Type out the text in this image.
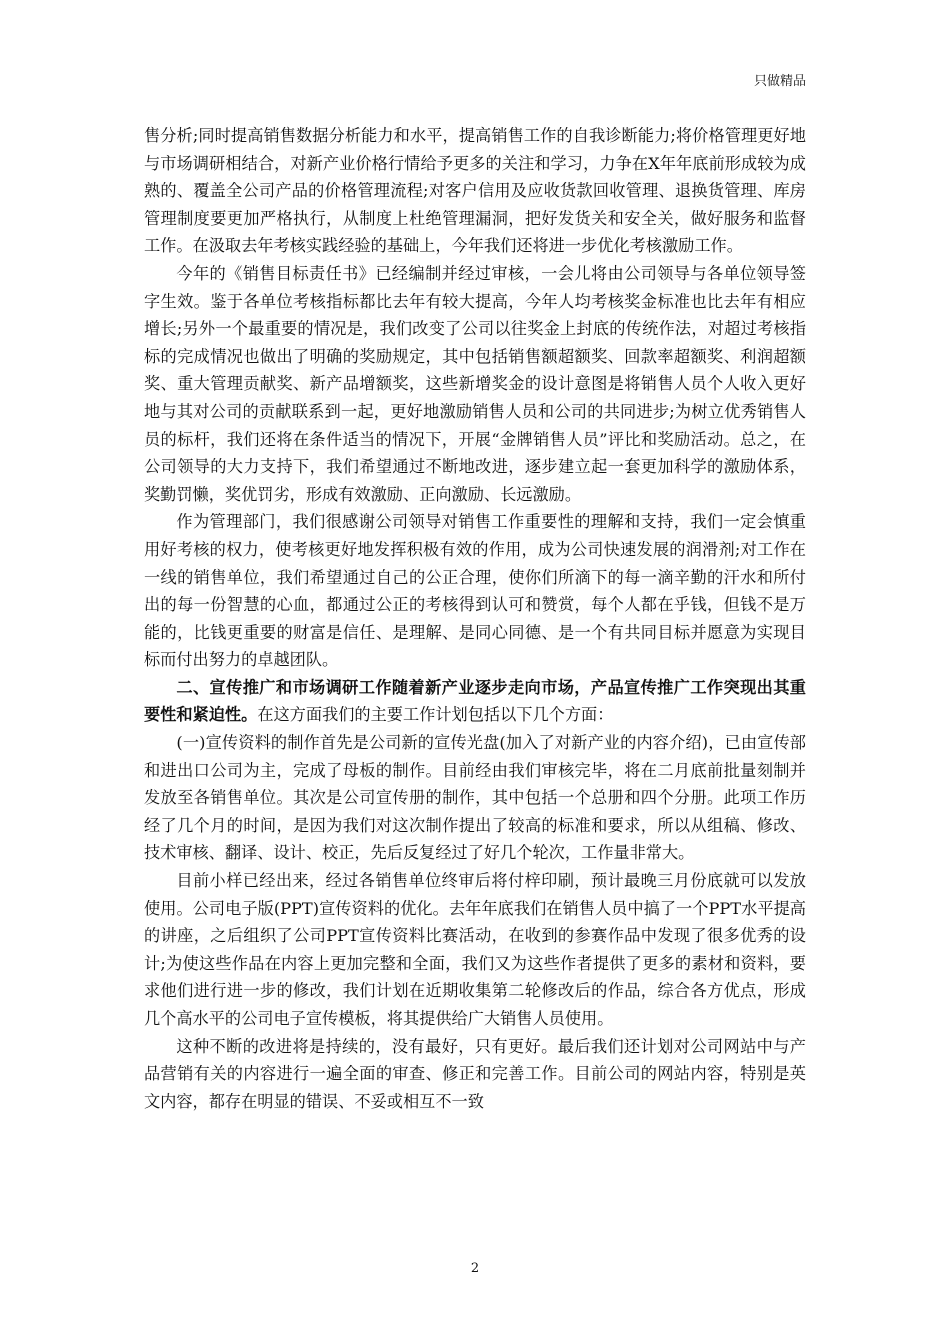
只做精品

售分析;同时提高销售数据分析能力和水平，提高销售工作的自我诊断能力;将价格管理更好地与市场调研相结合，对新产业价格行情给予更多的关注和学习，力争在X年年底前形成较为成熟的、覆盖全公司产品的价格管理流程;对客户信用及应收货款回收管理、退换货管理、库房管理制度要更加严格执行，从制度上杜绝管理漏洞，把好发货关和安全关，做好服务和监督工作。在汲取去年考核实践经验的基础上，今年我们还将进一步优化考核激励工作。

今年的《销售目标责任书》已经编制并经过审核，一会儿将由公司领导与各单位领导签字生效。鉴于各单位考核指标都比去年有较大提高，今年人均考核奖金标准也比去年有相应增长;另外一个最重要的情况是，我们改变了公司以往奖金上封底的传统作法，对超过考核指标的完成情况也做出了明确的奖励规定，其中包括销售额超额奖、回款率超额奖、利润超额奖、重大管理贡献奖、新产品增额奖，这些新增奖金的设计意图是将销售人员个人收入更好地与其对公司的贡献联系到一起，更好地激励销售人员和公司的共同进步;为树立优秀销售人员的标杆，我们还将在条件适当的情况下，开展“金牌销售人员”评比和奖励活动。总之，在公司领导的大力支持下，我们希望通过不断地改进，逐步建立起一套更加科学的激励体系，奖勤罚懒，奖优罚劣，形成有效激励、正向激励、长远激励。

作为管理部门，我们很感谢公司领导对销售工作重要性的理解和支持，我们一定会慎重用好考核的权力，使考核更好地发挥积极有效的作用，成为公司快速发展的润滑剂;对工作在一线的销售单位，我们希望通过自己的公正合理，使你们所滴下的每一滴辛勤的汗水和所付出的每一份智慧的心血，都通过公正的考核得到认可和赞赏，每个人都在乎钱，但钱不是万能的，比钱更重要的财富是信任、是理解、是同心同德、是一个有共同目标并愿意为实现目标而付出努力的卓越团队。

二、宣传推广和市场调研工作随着新产业逐步走向市场，产品宣传推广工作突现出其重要性和紧迫性。在这方面我们的主要工作计划包括以下几个方面：

(一)宣传资料的制作首先是公司新的宣传光盘(加入了对新产业的内容介绍)，已由宣传部和进出口公司为主，完成了母板的制作。目前经由我们审核完毕，将在二月底前批量刻制并发放至各销售单位。其次是公司宣传册的制作，其中包括一个总册和四个分册。此项工作历经了几个月的时间，是因为我们对这次制作提出了较高的标准和要求，所以从组稿、修改、技术审核、翻译、设计、校正，先后反复经过了好几个轮次，工作量非常大。

目前小样已经出来，经过各销售单位终审后将付梓印刷，预计最晚三月份底就可以发放使用。公司电子版(PPT)宣传资料的优化。去年年底我们在销售人员中搞了一个PPT水平提高的讲座，之后组织了公司PPT宣传资料比赛活动，在收到的参赛作品中发现了很多优秀的设计;为使这些作品在内容上更加完整和全面，我们又为这些作者提供了更多的素材和资料，要求他们进行进一步的修改，我们计划在近期收集第二轮修改后的作品，综合各方优点，形成几个高水平的公司电子宣传模板，将其提供给广大销售人员使用。

这种不断的改进将是持续的，没有最好，只有更好。最后我们还计划对公司网站中与产品营销有关的内容进行一遍全面的审查、修正和完善工作。目前公司的网站内容，特别是英文内容，都存在明显的错误、不妥或相互不一致

2
